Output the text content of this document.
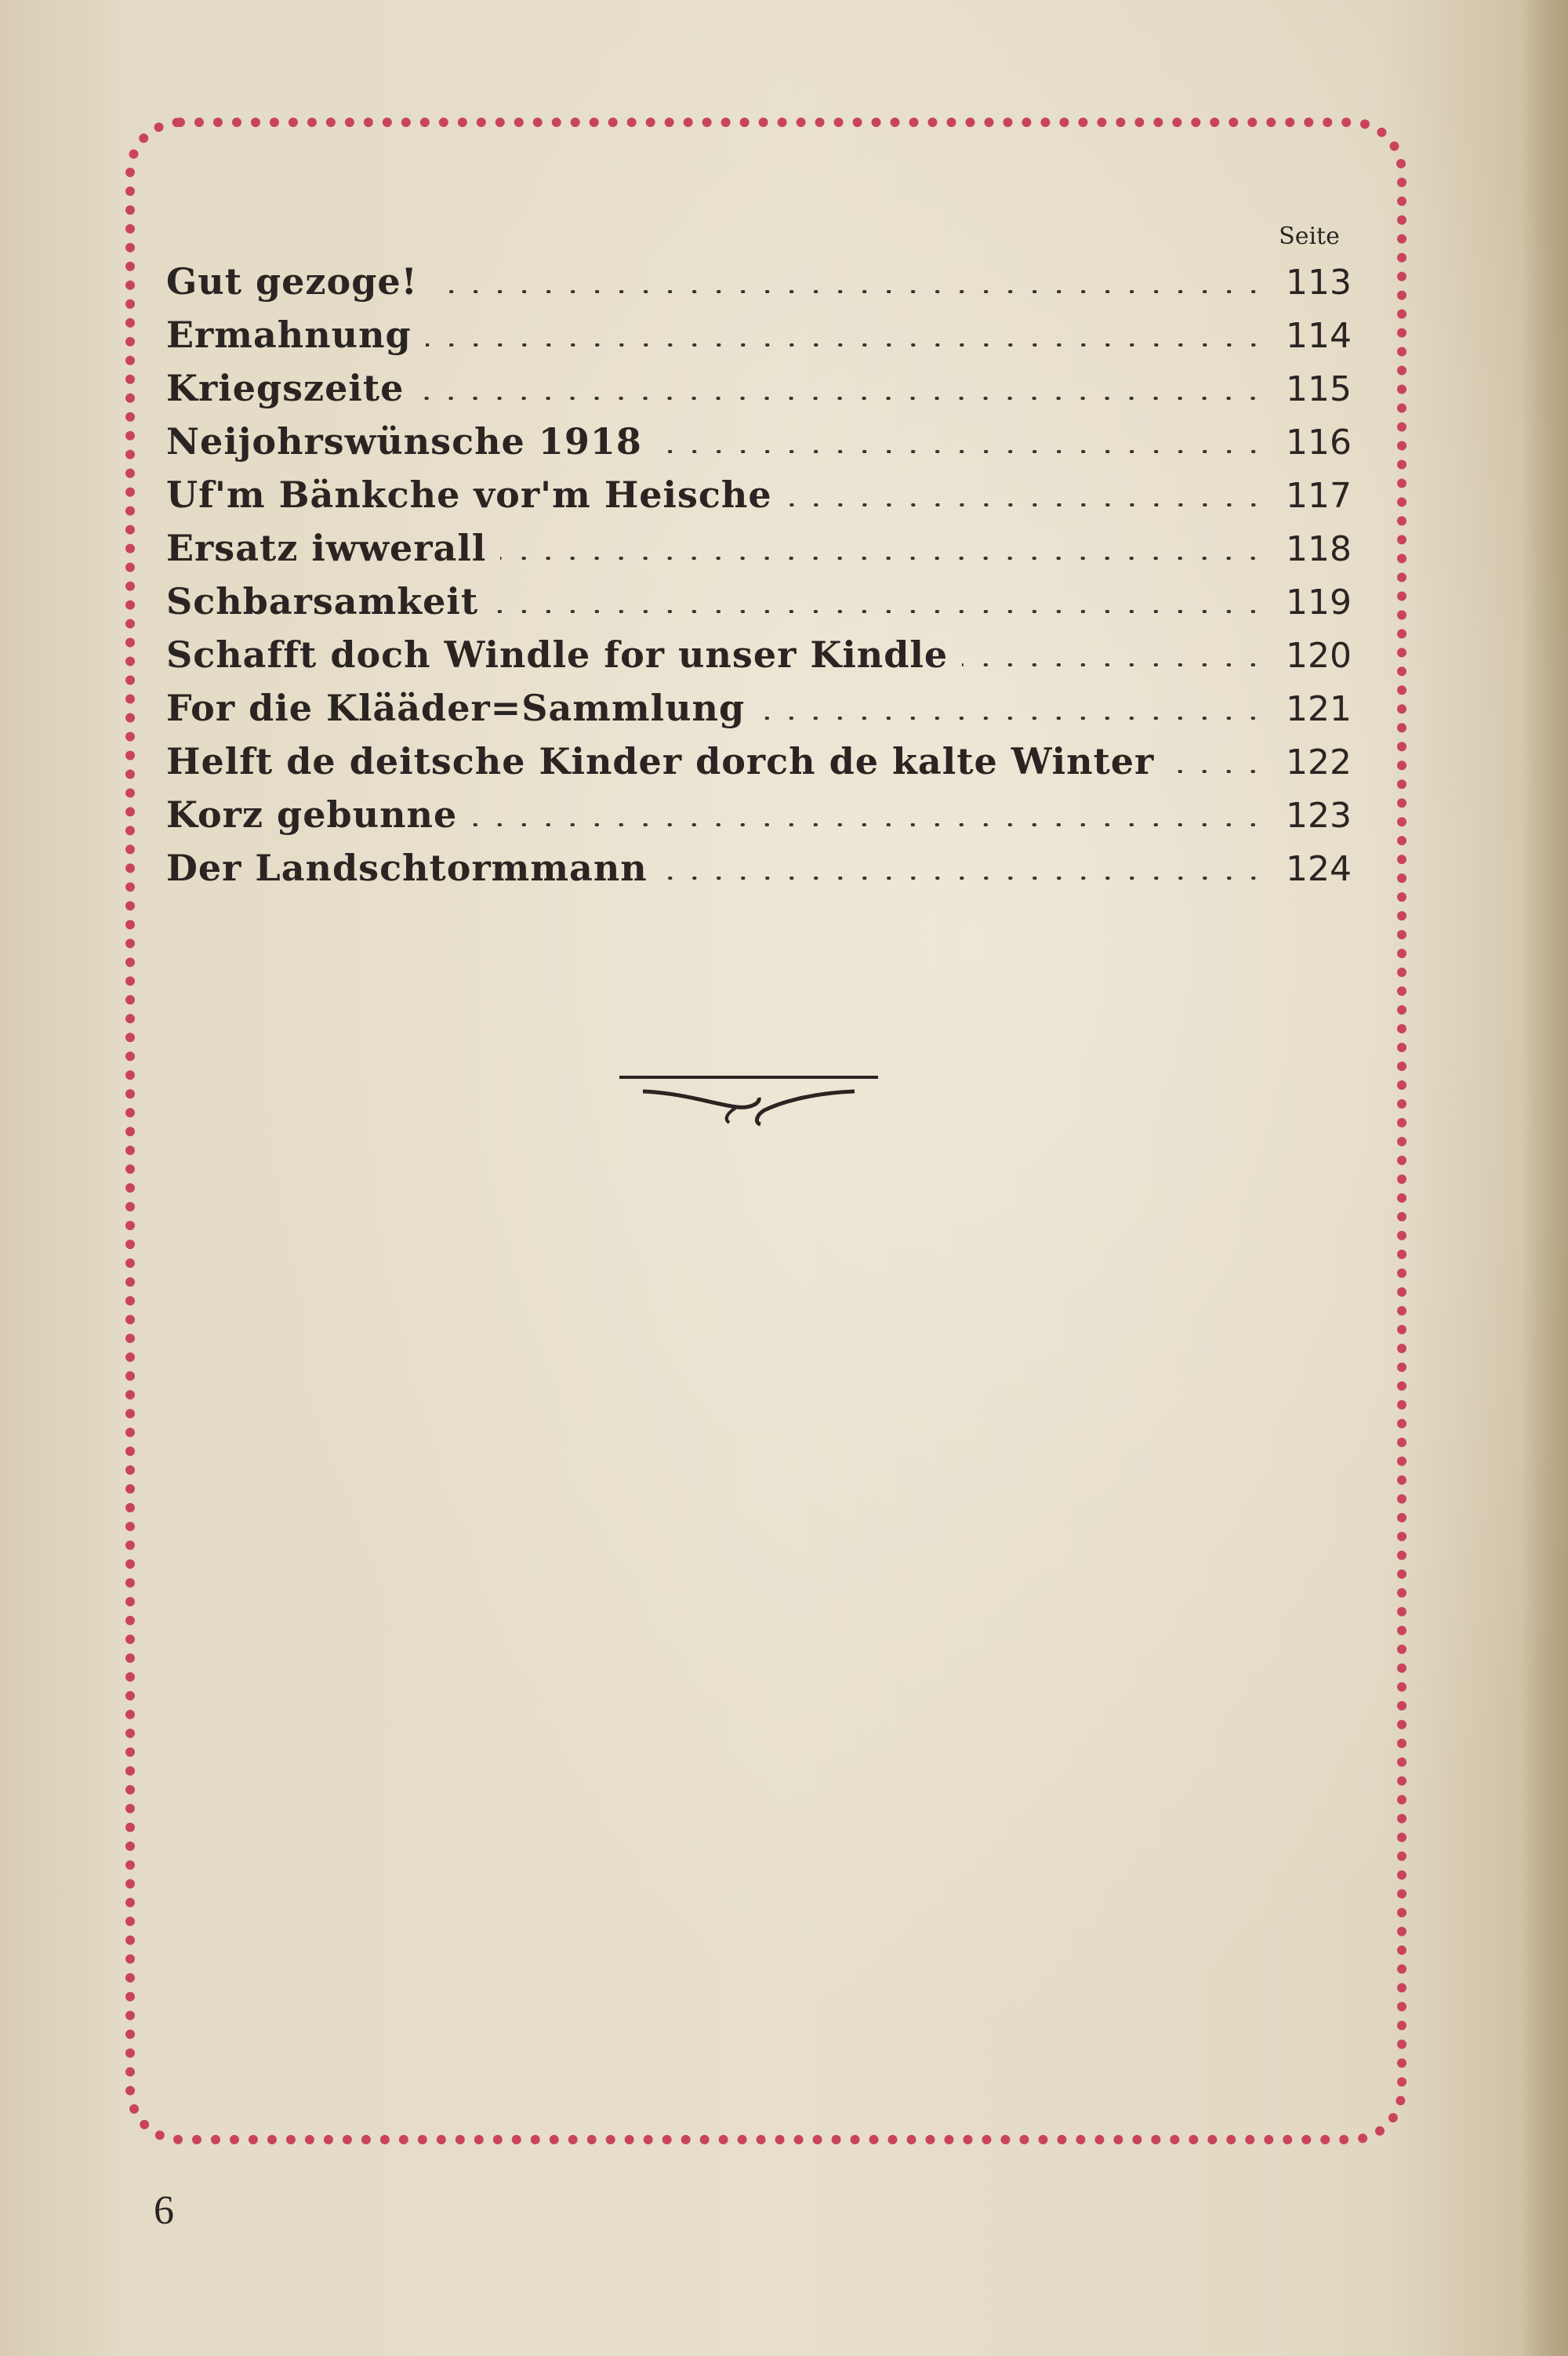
Seite
Gut gezoge!	113
Ermahnung	114
Kriegszeite	115
Neijohrswünsche 1918	116
Uf'm Bänkche vor'm Heische	117
Ersatz iwwerall	118
Schbarsamkeit	119
Schafft doch Windle for unser Kindle	120
For die Klääder=Sammlung	121
Helft de deitsche Kinder dorch de kalte Winter	122
Korz gebunne	123
Der Landschtormmann	124
6
